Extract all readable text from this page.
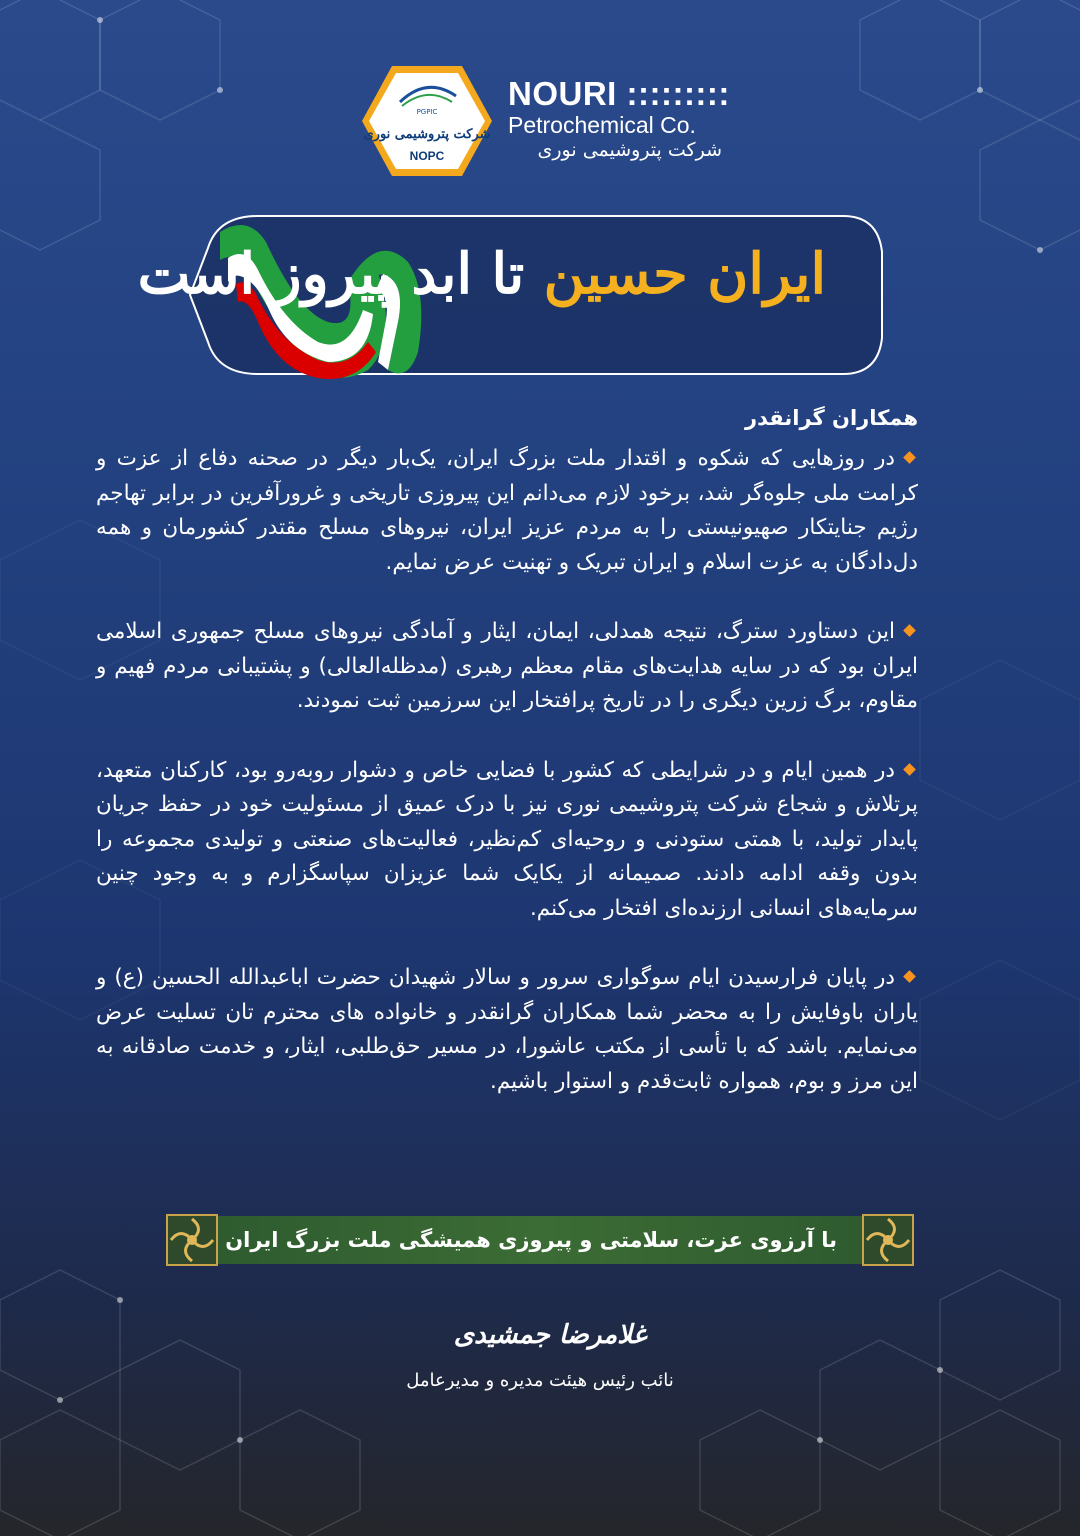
PGPIC
شرکت پتروشیمی نوری
NOPC
NOURI :::::::::
Petrochemical Co.
شرکت پتروشیمی نوری
ایران حسین تا ابد پیروز است
همکاران گرانقدر

در روزهایی که شکوه و اقتدار ملت بزرگ ایران، یک‌بار دیگر در صحنه دفاع از عزت و کرامت ملی جلوه‌گر شد، برخود لازم می‌دانم این پیروزی تاریخی و غرورآفرین در برابر تهاجم رژیم جنایتکار صهیونیستی را به مردم عزیز ایران، نیروهای مسلح مقتدر کشورمان و همه دل‌دادگان به عزت اسلام و ایران تبریک و تهنیت عرض نمایم.

این دستاورد سترگ، نتیجه همدلی، ایمان، ایثار و آمادگی نیروهای مسلح جمهوری اسلامی ایران بود که در سایه هدایت‌های مقام معظم رهبری (مدظله‌العالی) و پشتیبانی مردم فهیم و مقاوم، برگ زرین دیگری را در تاریخ پرافتخار این سرزمین ثبت نمودند.

در همین ایام و در شرایطی که کشور با فضایی خاص و دشوار روبه‌رو بود، کارکنان متعهد، پرتلاش و شجاع شرکت پتروشیمی نوری نیز با درک عمیق از مسئولیت خود در حفظ جریان پایدار تولید، با همتی ستودنی و روحیه‌ای کم‌نظیر، فعالیت‌های صنعتی و تولیدی مجموعه را بدون وقفه ادامه دادند. صمیمانه از یکایک شما عزیزان سپاسگزارم و به وجود چنین سرمایه‌های انسانی ارزنده‌ای افتخار می‌کنم.

در پایان فرارسیدن ایام سوگواری سرور و سالار شهیدان حضرت اباعبدالله الحسین (ع) و یاران باوفایش را به محضر شما همکاران گرانقدر و خانواده های محترم تان تسلیت عرض می‌نمایم. باشد که با تأسی از مکتب عاشورا، در مسیر حق‌طلبی، ایثار، و خدمت صادقانه به این مرز و بوم، همواره ثابت‌قدم و استوار باشیم.

با آرزوی عزت، سلامتی و پیروزی همیشگی ملت بزرگ ایران
غلامرضا جمشیدی
نائب رئیس هیئت مدیره و مدیرعامل
